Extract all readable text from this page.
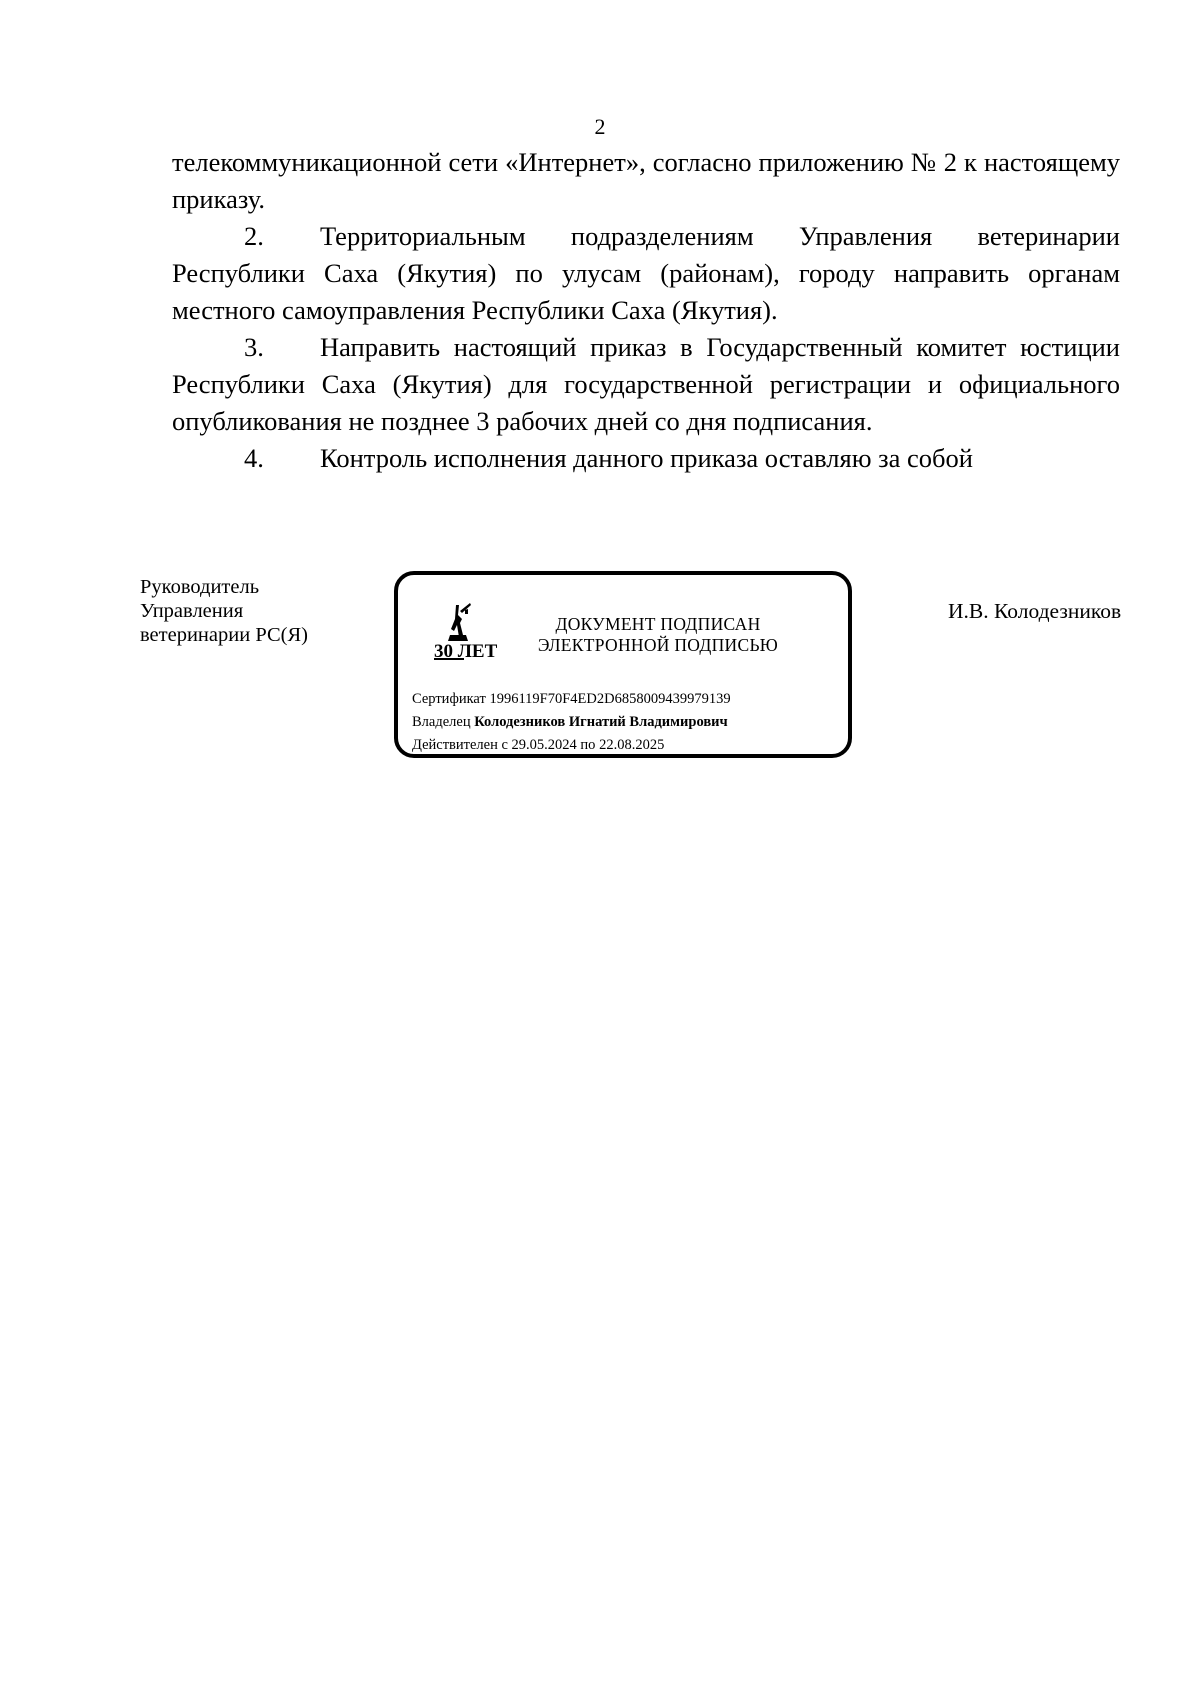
2

телекоммуникационной сети «Интернет», согласно приложению № 2 к настоящему приказу.

2. Территориальным подразделениям Управления ветеринарии Республики Саха (Якутия) по улусам (районам), городу направить органам местного самоуправления Республики Саха (Якутия).

3. Направить настоящий приказ в Государственный комитет юстиции Республики Саха (Якутия) для государственной регистрации и официального опубликования не позднее 3 рабочих дней со дня подписания.

4. Контроль исполнения данного приказа оставляю за собой

Руководитель
Управления
ветеринарии РС(Я)
30 ЛЕТ
ДОКУМЕНТ ПОДПИСАН
ЭЛЕКТРОННОЙ ПОДПИСЬЮ
Сертификат 1996119F70F4ED2D6858009439979139
Владелец Колодезников Игнатий Владимирович
Действителен с 29.05.2024 по 22.08.2025
И.В. Колодезников
